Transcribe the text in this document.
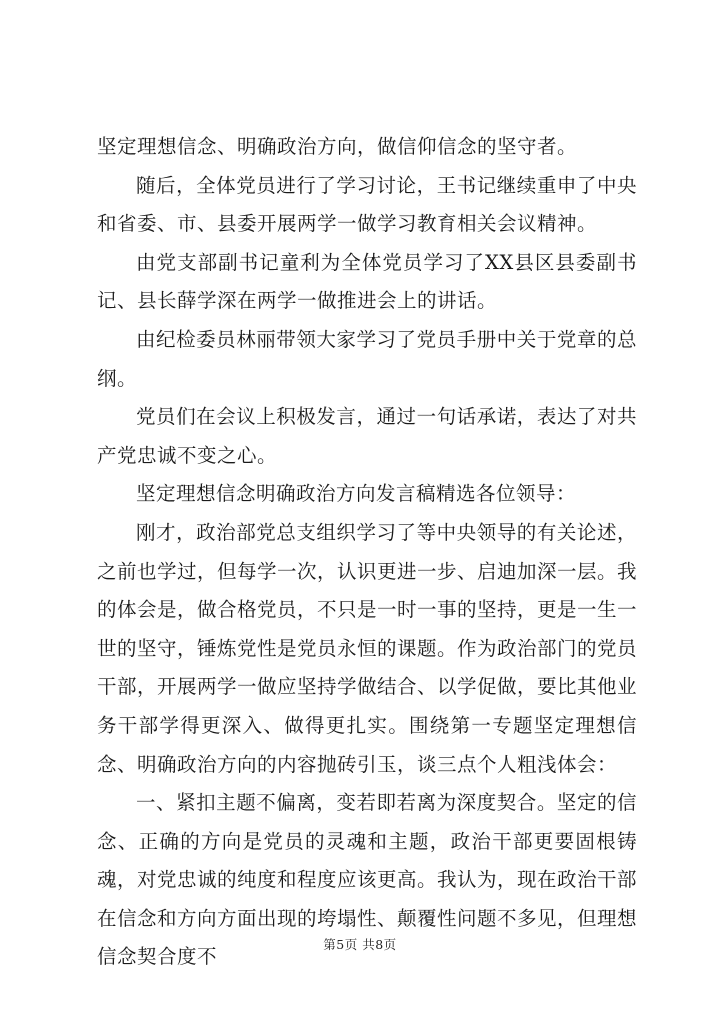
坚定理想信念、明确政治方向，做信仰信念的坚守者。

随后，全体党员进行了学习讨论，王书记继续重申了中央和省委、市、县委开展两学一做学习教育相关会议精神。

由党支部副书记童利为全体党员学习了XX县区县委副书记、县长薛学深在两学一做推进会上的讲话。

由纪检委员林丽带领大家学习了党员手册中关于党章的总纲。

党员们在会议上积极发言，通过一句话承诺，表达了对共产党忠诚不变之心。

坚定理想信念明确政治方向发言稿精选各位领导：

刚才，政治部党总支组织学习了等中央领导的有关论述，之前也学过，但每学一次，认识更进一步、启迪加深一层。我的体会是，做合格党员，不只是一时一事的坚持，更是一生一世的坚守，锤炼党性是党员永恒的课题。作为政治部门的党员干部，开展两学一做应坚持学做结合、以学促做，要比其他业务干部学得更深入、做得更扎实。围绕第一专题坚定理想信念、明确政治方向的内容抛砖引玉，谈三点个人粗浅体会：

一、紧扣主题不偏离，变若即若离为深度契合。坚定的信念、正确的方向是党员的灵魂和主题，政治干部更要固根铸魂，对党忠诚的纯度和程度应该更高。我认为，现在政治干部在信念和方向方面出现的垮塌性、颠覆性问题不多见，但理想信念契合度不

第5页 共8页
